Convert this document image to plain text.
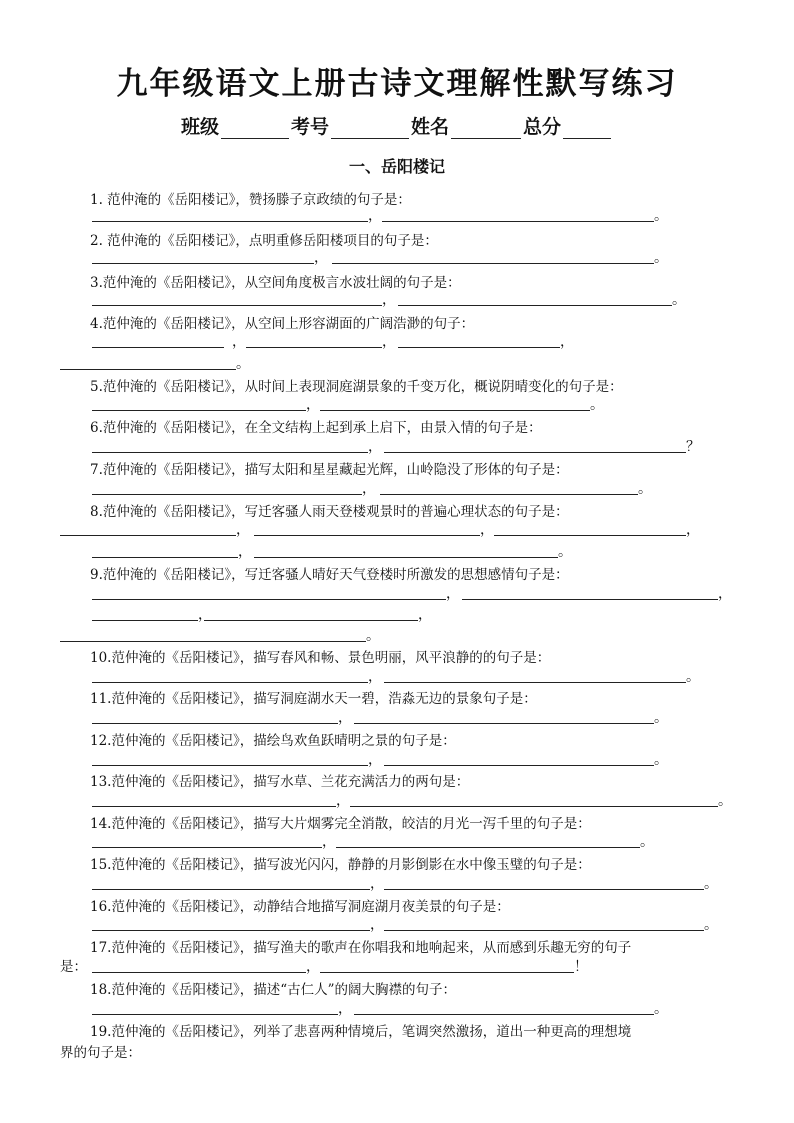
九年级语文上册古诗文理解性默写练习
班级	考号	姓名	总分
一、岳阳楼记
1. 范仲淹的《岳阳楼记》，赞扬滕子京政绩的句子是：
2. 范仲淹的《岳阳楼记》，点明重修岳阳楼项目的句子是：
3.范仲淹的《岳阳楼记》，从空间角度极言水波壮阔的句子是：
4.范仲淹的《岳阳楼记》，从空间上形容湖面的广阔浩渺的句子：
5.范仲淹的《岳阳楼记》，从时间上表现洞庭湖景象的千变万化，概说阴晴变化的句子是：
6.范仲淹的《岳阳楼记》，在全文结构上起到承上启下，由景入情的句子是：
7.范仲淹的《岳阳楼记》，描写太阳和星星藏起光辉，山岭隐没了形体的句子是：
8.范仲淹的《岳阳楼记》，写迁客骚人雨天登楼观景时的普遍心理状态的句子是：
9.范仲淹的《岳阳楼记》，写迁客骚人晴好天气登楼时所激发的思想感情句子是：
10.范仲淹的《岳阳楼记》，描写春风和畅、景色明丽，风平浪静的的句子是：
11.范仲淹的《岳阳楼记》，描写洞庭湖水天一碧，浩淼无边的景象句子是：
12.范仲淹的《岳阳楼记》，描绘鸟欢鱼跃晴明之景的句子是：
13.范仲淹的《岳阳楼记》，描写水草、兰花充满活力的两句是：
14.范仲淹的《岳阳楼记》，描写大片烟雾完全消散，皎洁的月光一泻千里的句子是：
15.范仲淹的《岳阳楼记》，描写波光闪闪，静静的月影倒影在水中像玉璧的句子是：
16.范仲淹的《岳阳楼记》，动静结合地描写洞庭湖月夜美景的句子是：
17.范仲淹的《岳阳楼记》，描写渔夫的歌声在你唱我和地响起来，从而感到乐趣无穷的句子
18.范仲淹的《岳阳楼记》，描述“古仁人”的阔大胸襟的句子：
19.范仲淹的《岳阳楼记》，列举了悲喜两种情境后，笔调突然激扬，道出一种更高的理想境
界的句子是：
，	。
，	。
，	。
，	，	，
。
，	。
，	？
，	。
，	，	，
，	。
，	，
，	，
。
，	。
，	。
，	。
，	。
，	。
，	。
，	。
是：	，	！
，	。
